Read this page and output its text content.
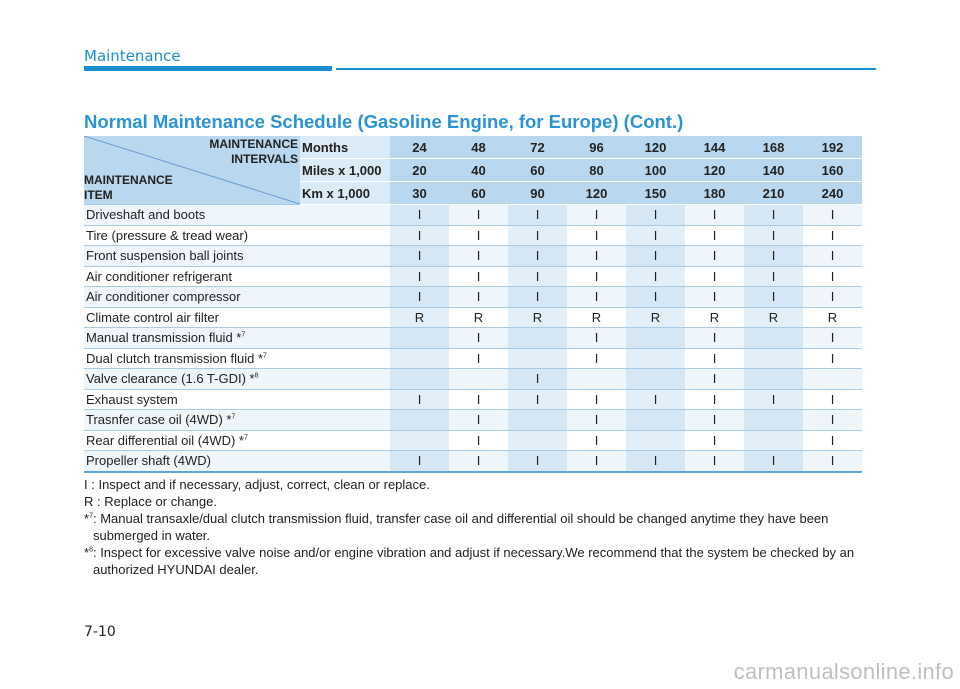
Maintenance
Normal Maintenance Schedule (Gasoline Engine, for Europe) (Cont.)
MAINTENANCE
INTERVALS
MAINTENANCE
ITEM	Months	24	48	72	96	120	144	168	192
	Miles x 1,000	20	40	60	80	100	120	140	160
	Km x 1,000	30	60	90	120	150	180	210	240
Driveshaft and boots		I	I	I	I	I	I	I	I
Tire (pressure & tread wear)		I	I	I	I	I	I	I	I
Front suspension ball joints		I	I	I	I	I	I	I	I
Air conditioner refrigerant		I	I	I	I	I	I	I	I
Air conditioner compressor		I	I	I	I	I	I	I	I
Climate control air filter		R	R	R	R	R	R	R	R
Manual transmission fluid *$^7$			I		I		I		I
Dual clutch transmission fluid *$^7$			I		I		I		I
Valve clearance (1.6 T-GDI) *$^8$				I			I		
Exhaust system		I	I	I	I	I	I	I	I
Trasnfer case oil (4WD) *$^7$			I		I		I		I
Rear differential oil (4WD) *$^7$			I		I		I		I
Propeller shaft (4WD)		I	I	I	I	I	I	I	I
I : Inspect and if necessary, adjust, correct, clean or replace.
R : Replace or change.
*$^7$ : Manual transaxle/dual clutch transmission fluid, transfer case oil and differential oil should be changed anytime they have been submerged in water.
*$^8$ : Inspect for excessive valve noise and/or engine vibration and adjust if necessary.We recommend that the system be checked by an authorized HYUNDAI dealer.
7-10
carmanualsonline.info
